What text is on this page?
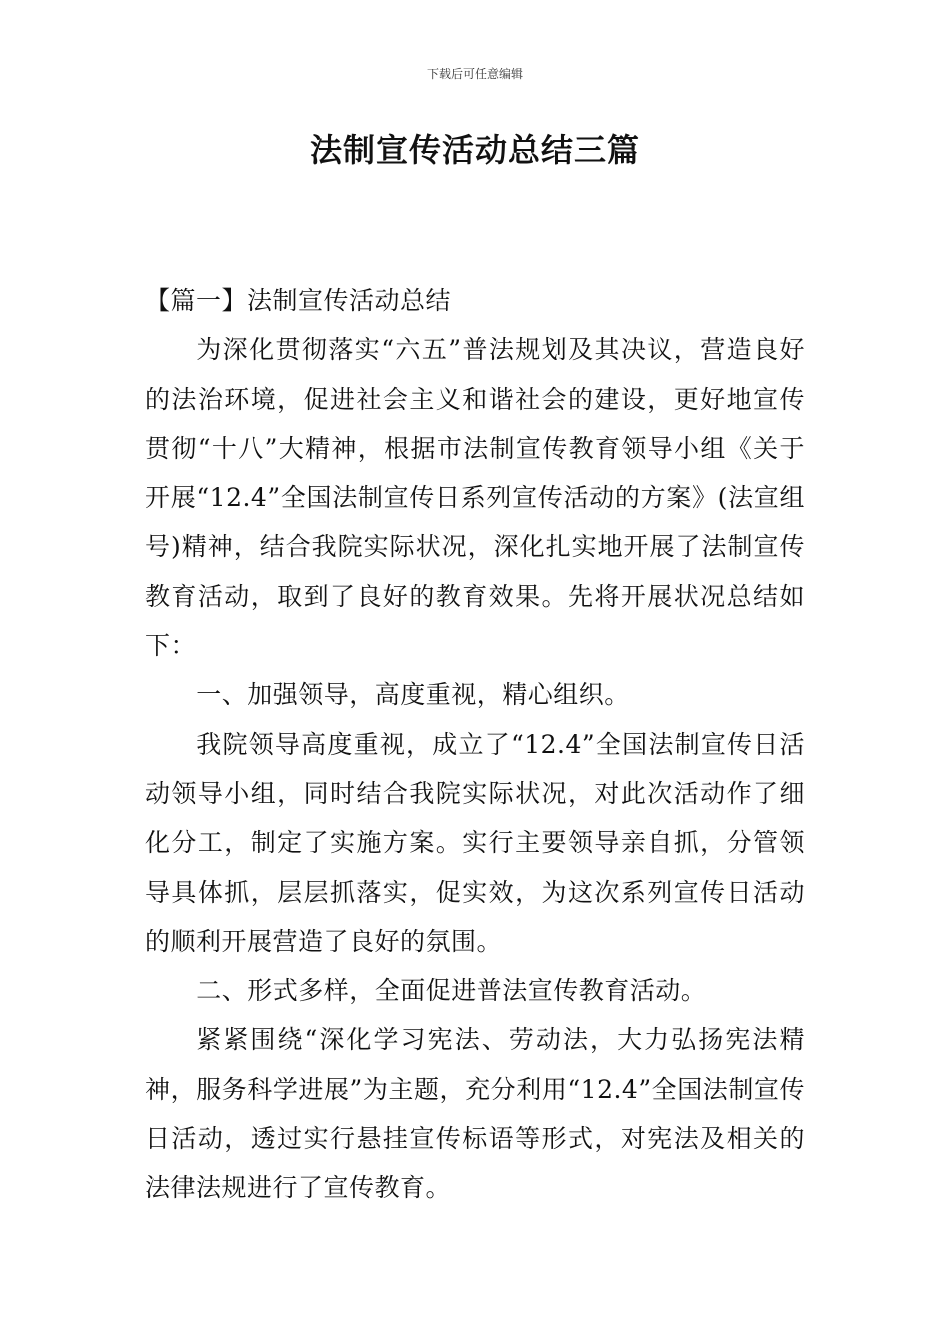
下载后可任意编辑
法制宣传活动总结三篇

【篇一】法制宣传活动总结

为深化贯彻落实“六五”普法规划及其决议，营造良好的法治环境，促进社会主义和谐社会的建设，更好地宣传贯彻“十八”大精神，根据市法制宣传教育领导小组《关于开展“12.4”全国法制宣传日系列宣传活动的方案》(法宣组号)精神，结合我院实际状况，深化扎实地开展了法制宣传教育活动，取到了良好的教育效果。先将开展状况总结如下：

一、加强领导，高度重视，精心组织。

我院领导高度重视，成立了“12.4”全国法制宣传日活动领导小组，同时结合我院实际状况，对此次活动作了细化分工，制定了实施方案。实行主要领导亲自抓，分管领导具体抓，层层抓落实，促实效，为这次系列宣传日活动的顺利开展营造了良好的氛围。

二、形式多样，全面促进普法宣传教育活动。

紧紧围绕“深化学习宪法、劳动法，大力弘扬宪法精神，服务科学进展”为主题，充分利用“12.4”全国法制宣传日活动，透过实行悬挂宣传标语等形式，对宪法及相关的法律法规进行了宣传教育。
